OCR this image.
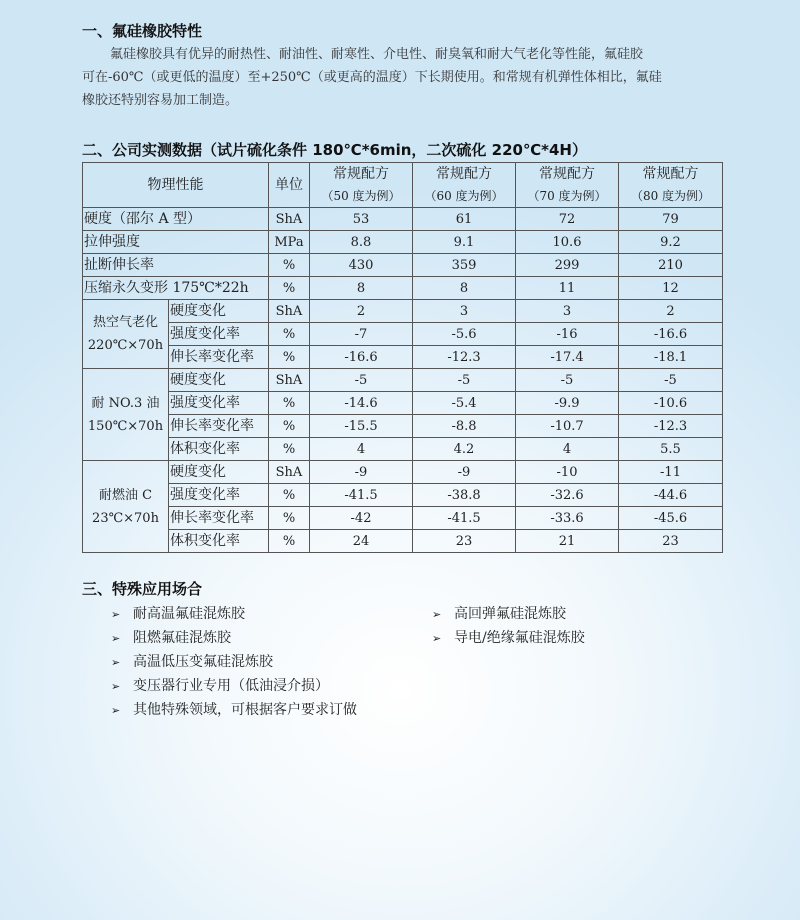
一、氟硅橡胶特性
氟硅橡胶具有优异的耐热性、耐油性、耐寒性、介电性、耐臭氧和耐大气老化等性能，氟硅胶
可在-60℃（或更低的温度）至+250℃（或更高的温度）下长期使用。和常规有机弹性体相比，氟硅
橡胶还特别容易加工制造。
二、公司实测数据（试片硫化条件 180℃*6min，二次硫化 220℃*4H）
物理性能		单位	常规配方	常规配方	常规配方	常规配方
			（50 度为例）	（60 度为例）	（70 度为例）	（80 度为例）
硬度（邵尔 A 型）		ShA	53	61	72	79
拉伸强度		MPa	8.8	9.1	10.6	9.2
扯断伸长率		%	430	359	299	210
压缩永久变形 175℃*22h		%	8	8	11	12

热空气老化
220℃×70h	硬度变化	ShA	2	3	3	2
	强度变化率	%	-7	-5.6	-16	-16.6
	伸长率变化率	%	-16.6	-12.3	-17.4	-18.1

耐 NO.3 油
150℃×70h	硬度变化	ShA	-5	-5	-5	-5
	强度变化率	%	-14.6	-5.4	-9.9	-10.6
	伸长率变化率	%	-15.5	-8.8	-10.7	-12.3
	体积变化率	%	4	4.2	4	5.5

耐燃油 C
23℃×70h	硬度变化	ShA	-9	-9	-10	-11
	强度变化率	%	-41.5	-38.8	-32.6	-44.6
	伸长率变化率	%	-42	-41.5	-33.6	-45.6
	体积变化率	%	24	23	21	23
三、特殊应用场合
➢ 耐高温氟硅混炼胶
➢ 阻燃氟硅混炼胶
➢ 高温低压变氟硅混炼胶
➢ 变压器行业专用（低油浸介损）
➢ 其他特殊领域，可根据客户要求订做
➢ 高回弹氟硅混炼胶
➢ 导电/绝缘氟硅混炼胶
